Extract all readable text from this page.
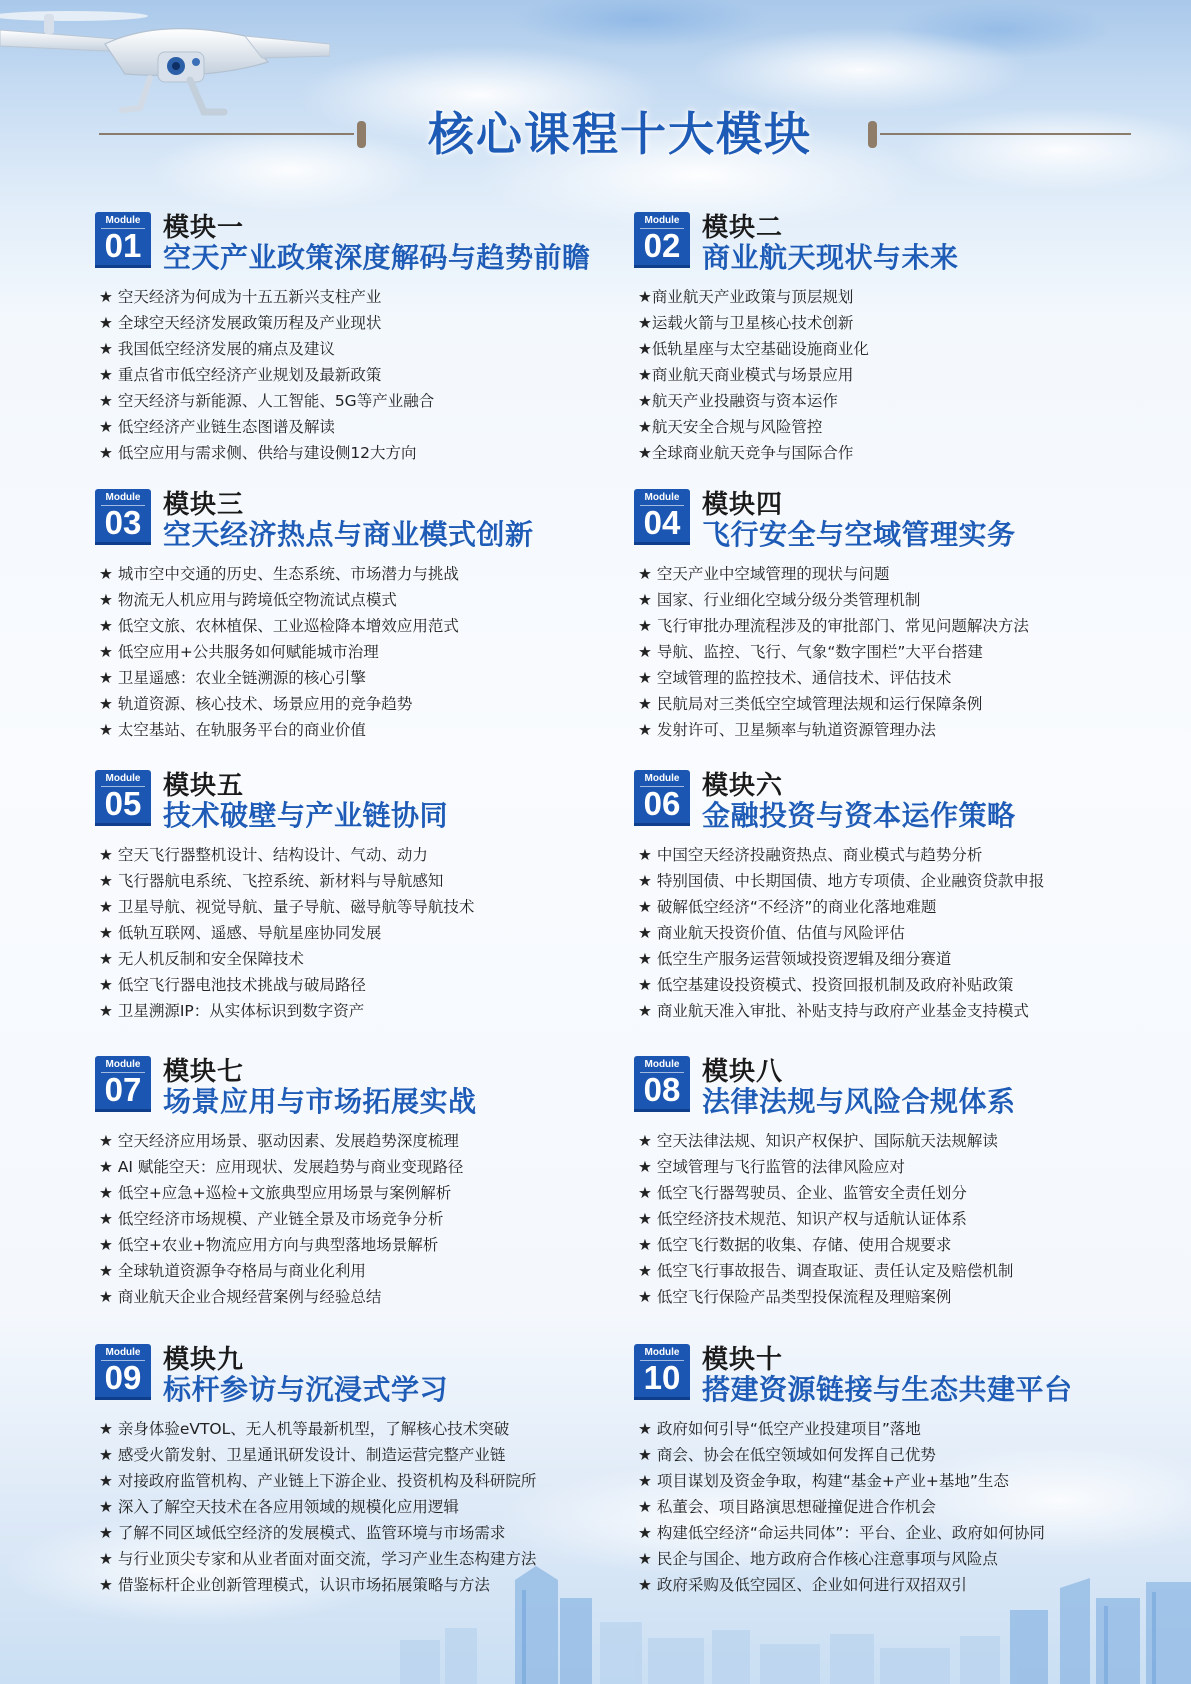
核心课程十大模块
Module
01 模块一
空天产业政策深度解码与趋势前瞻
★ 空天经济为何成为十五五新兴支柱产业
★ 全球空天经济发展政策历程及产业现状
★ 我国低空经济发展的痛点及建议
★ 重点省市低空经济产业规划及最新政策
★ 空天经济与新能源、人工智能、5G等产业融合
★ 低空经济产业链生态图谱及解读
★ 低空应用与需求侧、供给与建设侧12大方向
Module
02 模块二
商业航天现状与未来
★商业航天产业政策与顶层规划
★运载火箭与卫星核心技术创新
★低轨星座与太空基础设施商业化
★商业航天商业模式与场景应用
★航天产业投融资与资本运作
★航天安全合规与风险管控
★全球商业航天竞争与国际合作
Module
03 模块三
空天经济热点与商业模式创新
★ 城市空中交通的历史、生态系统、市场潜力与挑战
★ 物流无人机应用与跨境低空物流试点模式
★ 低空文旅、农林植保、工业巡检降本增效应用范式
★ 低空应用+公共服务如何赋能城市治理
★ 卫星遥感：农业全链溯源的核心引擎
★ 轨道资源、核心技术、场景应用的竞争趋势
★ 太空基站、在轨服务平台的商业价值
Module
04 模块四
飞行安全与空域管理实务
★ 空天产业中空域管理的现状与问题
★ 国家、行业细化空域分级分类管理机制
★ 飞行审批办理流程涉及的审批部门、常见问题解决方法
★ 导航、监控、飞行、气象“数字围栏”大平台搭建
★ 空域管理的监控技术、通信技术、评估技术
★ 民航局对三类低空空域管理法规和运行保障条例
★ 发射许可、卫星频率与轨道资源管理办法
Module
05 模块五
技术破壁与产业链协同
★ 空天飞行器整机设计、结构设计、气动、动力
★ 飞行器航电系统、飞控系统、新材料与导航感知
★ 卫星导航、视觉导航、量子导航、磁导航等导航技术
★ 低轨互联网、遥感、导航星座协同发展
★ 无人机反制和安全保障技术
★ 低空飞行器电池技术挑战与破局路径
★ 卫星溯源IP：从实体标识到数字资产
Module
06 模块六
金融投资与资本运作策略
★ 中国空天经济投融资热点、商业模式与趋势分析
★ 特别国债、中长期国债、地方专项债、企业融资贷款申报
★ 破解低空经济“不经济”的商业化落地难题
★ 商业航天投资价值、估值与风险评估
★ 低空生产服务运营领域投资逻辑及细分赛道
★ 低空基建设投资模式、投资回报机制及政府补贴政策
★ 商业航天准入审批、补贴支持与政府产业基金支持模式
Module
07 模块七
场景应用与市场拓展实战
★ 空天经济应用场景、驱动因素、发展趋势深度梳理
★ AI 赋能空天：应用现状、发展趋势与商业变现路径
★ 低空+应急+巡检+文旅典型应用场景与案例解析
★ 低空经济市场规模、产业链全景及市场竞争分析
★ 低空+农业+物流应用方向与典型落地场景解析
★ 全球轨道资源争夺格局与商业化利用
★ 商业航天企业合规经营案例与经验总结
Module
08 模块八
法律法规与风险合规体系
★ 空天法律法规、知识产权保护、国际航天法规解读
★ 空域管理与飞行监管的法律风险应对
★ 低空飞行器驾驶员、企业、监管安全责任划分
★ 低空经济技术规范、知识产权与适航认证体系
★ 低空飞行数据的收集、存储、使用合规要求
★ 低空飞行事故报告、调查取证、责任认定及赔偿机制
★ 低空飞行保险产品类型投保流程及理赔案例
Module
09 模块九
标杆参访与沉浸式学习
★ 亲身体验eVTOL、无人机等最新机型，了解核心技术突破
★ 感受火箭发射、卫星通讯研发设计、制造运营完整产业链
★ 对接政府监管机构、产业链上下游企业、投资机构及科研院所
★ 深入了解空天技术在各应用领域的规模化应用逻辑
★ 了解不同区域低空经济的发展模式、监管环境与市场需求
★ 与行业顶尖专家和从业者面对面交流，学习产业生态构建方法
★ 借鉴标杆企业创新管理模式，认识市场拓展策略与方法
Module
10 模块十
搭建资源链接与生态共建平台
★ 政府如何引导“低空产业投建项目”落地
★ 商会、协会在低空领域如何发挥自己优势
★ 项目谋划及资金争取，构建“基金+产业+基地”生态
★ 私董会、项目路演思想碰撞促进合作机会
★ 构建低空经济“命运共同体”：平台、企业、政府如何协同
★ 民企与国企、地方政府合作核心注意事项与风险点
★ 政府采购及低空园区、企业如何进行双招双引
